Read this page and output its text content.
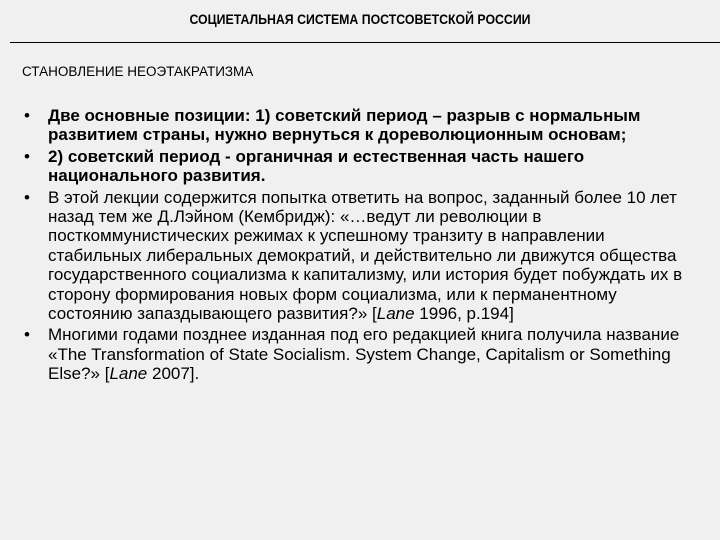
СОЦИЕТАЛЬНАЯ СИСТЕМА ПОСТСОВЕТСКОЙ РОССИИ
СТАНОВЛЕНИЕ НЕОЭТАКРАТИЗМА
• Две основные позиции: 1) советский период – разрыв с нормальным развитием страны, нужно вернуться к дореволюционным основам;
• 2) советский период - органичная и естественная часть нашего национального развития.
• В этой лекции содержится попытка ответить на вопрос, заданный более 10 лет назад тем же Д.Лэйном (Кембридж): «…ведут ли революции в посткоммунистических режимах к успешному транзиту в направлении стабильных либеральных демократий, и действительно ли движутся общества государственного социализма к капитализму, или история будет побуждать их в сторону формирования новых форм социализма, или к перманентному состоянию запаздывающего развития?» [Lane 1996, p.194]
• Многими годами позднее изданная под его редакцией книга получила название «The Transformation of State Socialism. System Change, Capitalism or Something Else?» [Lane 2007].
